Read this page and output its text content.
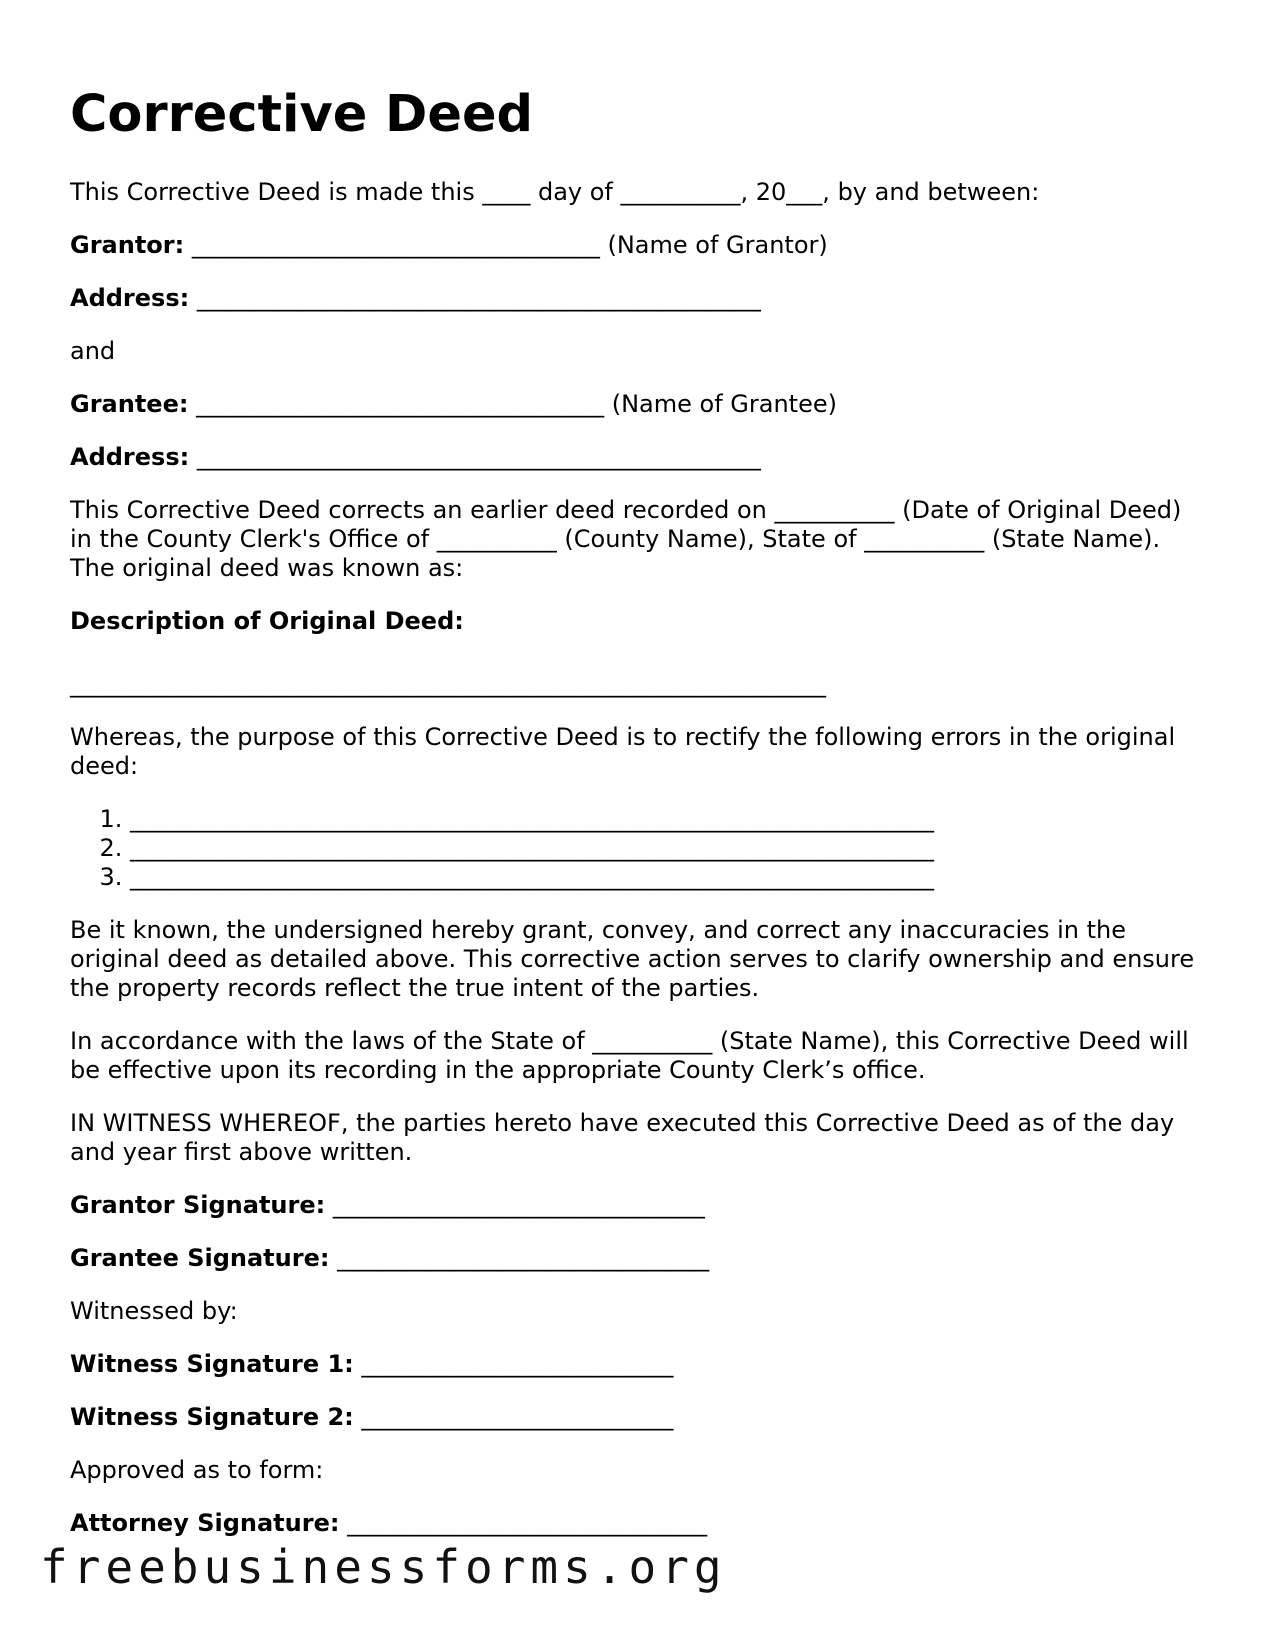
Corrective Deed

This Corrective Deed is made this ____ day of __________, 20___, by and between:

Grantor: __________________________________ (Name of Grantor)

Address: _______________________________________________

and

Grantee: __________________________________ (Name of Grantee)

Address: _______________________________________________

This Corrective Deed corrects an earlier deed recorded on __________ (Date of Original Deed) in the County Clerk's Office of __________ (County Name), State of __________ (State Name). The original deed was known as:

Description of Original Deed:

_______________________________________________________________

Whereas, the purpose of this Corrective Deed is to rectify the following errors in the original deed:

1. ___________________________________________________________________
2. ___________________________________________________________________
3. ___________________________________________________________________

Be it known, the undersigned hereby grant, convey, and correct any inaccuracies in the original deed as detailed above. This corrective action serves to clarify ownership and ensure the property records reflect the true intent of the parties.

In accordance with the laws of the State of __________ (State Name), this Corrective Deed will be effective upon its recording in the appropriate County Clerk’s office.

IN WITNESS WHEREOF, the parties hereto have executed this Corrective Deed as of the day and year first above written.

Grantor Signature: _______________________________

Grantee Signature: _______________________________

Witnessed by:

Witness Signature 1: __________________________

Witness Signature 2: __________________________

Approved as to form:

Attorney Signature: ______________________________

freebusinessforms.org
